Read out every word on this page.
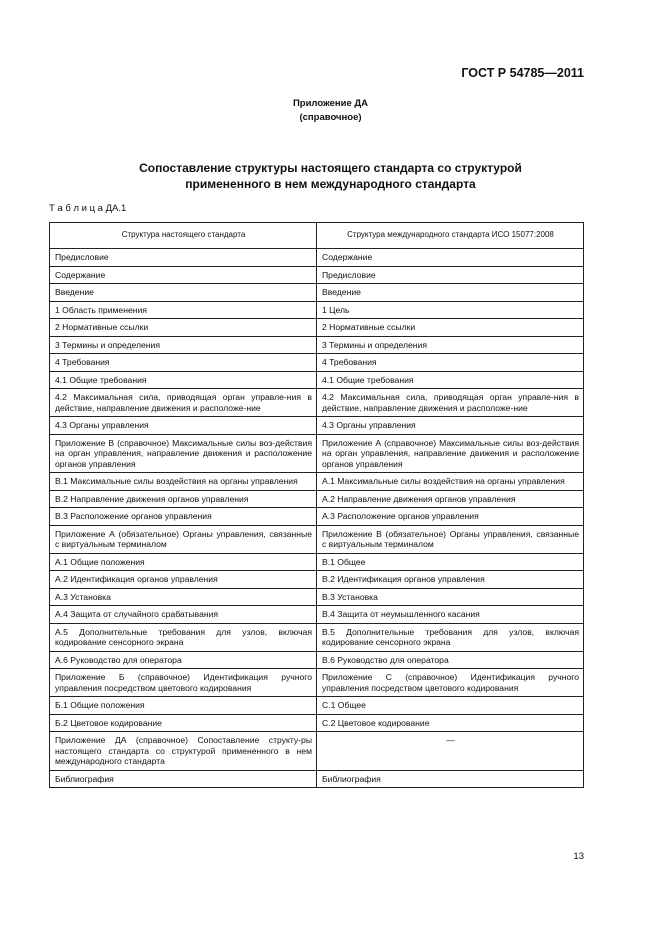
ГОСТ Р 54785—2011
Приложение ДА
(справочное)
Сопоставление структуры настоящего стандарта со структурой
примененного в нем международного стандарта
Т а б л и ц а ДА.1
Структура настоящего стандарта	Структура международного стандарта ИСО 15077:2008
Предисловие	Содержание
Содержание	Предисловие
Введение	Введение
1 Область применения	1 Цель
2 Нормативные ссылки	2 Нормативные ссылки
3 Термины и определения	3 Термины и определения
4 Требования	4 Требования
4.1 Общие требования	4.1 Общие требования
4.2 Максимальная сила, приводящая орган управле-ния в действие, направление движения и расположе-ние	4.2 Максимальная сила, приводящая орган управле-ния в действие, направление движения и расположе-ние
4.3 Органы управления	4.3 Органы управления
Приложение В (справочное) Максимальные силы воз-действия на орган управления, направление движения и расположение органов управления	Приложение А (справочное) Максимальные силы воз-действия на орган управления, направление движения и расположение органов управления
В.1 Максимальные силы воздействия на органы управления	А.1 Максимальные силы воздействия на органы управления
В.2 Направление движения органов управления	А.2 Направление движения органов управления
В.3 Расположение органов управления	А.3 Расположение органов управления
Приложение А (обязательное) Органы управления, связанные с виртуальным терминалом	Приложение В (обязательное) Органы управления, связанные с виртуальным терминалом
А.1 Общие положения	В.1 Общее
А.2 Идентификация органов управления	В.2 Идентификация органов управления
А.3 Установка	В.3 Установка
А.4 Защита от случайного срабатывания	В.4 Защита от неумышленного касания
А.5 Дополнительные требования для узлов, включая кодирование сенсорного экрана	В.5 Дополнительные требования для узлов, включая кодирование сенсорного экрана
А.6 Руководство для оператора	В.6 Руководство для оператора
Приложение Б (справочное) Идентификация ручного управления посредством цветового кодирования	Приложение С (справочное) Идентификация ручного управления посредством цветового кодирования
Б.1 Общие положения	С.1 Общее
Б.2 Цветовое кодирование	С.2 Цветовое кодирование
Приложение ДА (справочное) Сопоставление структу-ры настоящего стандарта со структурой примененного в нем международного стандарта	—
Библиография	Библиография
13
